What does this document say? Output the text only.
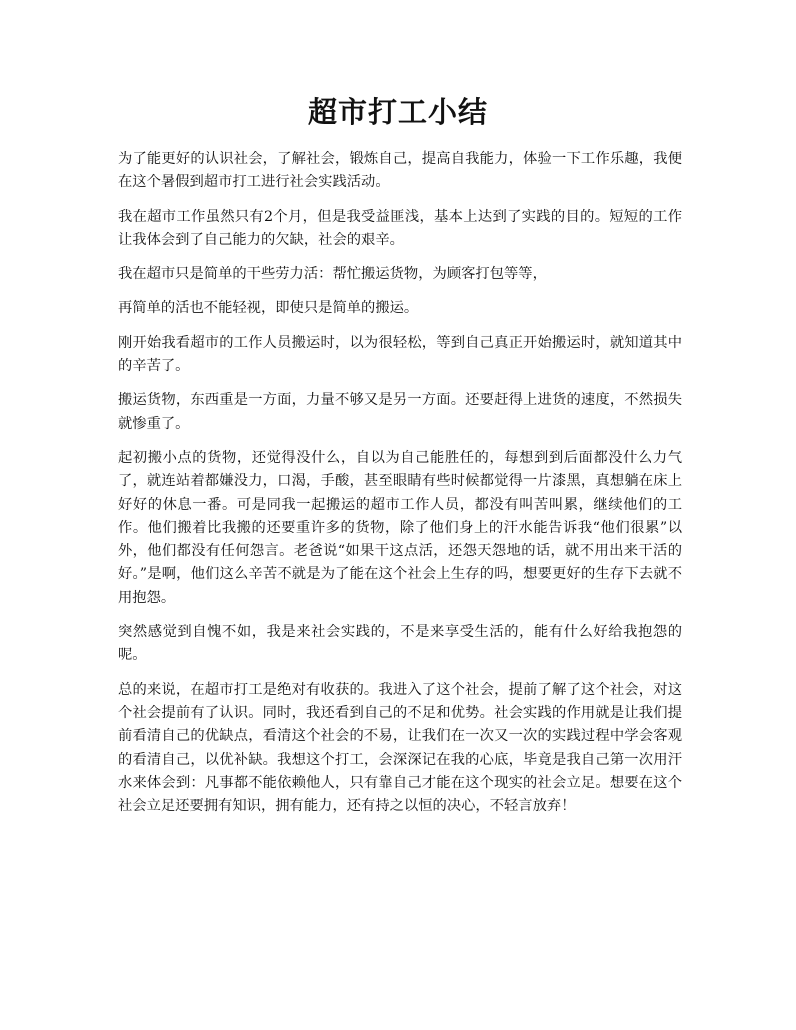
超市打工小结

为了能更好的认识社会，了解社会，锻炼自己，提高自我能力，体验一下工作乐趣，我便在这个暑假到超市打工进行社会实践活动。

我在超市工作虽然只有2个月，但是我受益匪浅，基本上达到了实践的目的。短短的工作让我体会到了自己能力的欠缺，社会的艰辛。

我在超市只是简单的干些劳力活：帮忙搬运货物，为顾客打包等等，

再简单的活也不能轻视，即使只是简单的搬运。

刚开始我看超市的工作人员搬运时，以为很轻松，等到自己真正开始搬运时，就知道其中的辛苦了。

搬运货物，东西重是一方面，力量不够又是另一方面。还要赶得上进货的速度，不然损失就惨重了。

起初搬小点的货物，还觉得没什么，自以为自己能胜任的，每想到到后面都没什么力气了，就连站着都嫌没力，口渴，手酸，甚至眼睛有些时候都觉得一片漆黑，真想躺在床上好好的休息一番。可是同我一起搬运的超市工作人员，都没有叫苦叫累，继续他们的工作。他们搬着比我搬的还要重许多的货物，除了他们身上的汗水能告诉我“他们很累”以外，他们都没有任何怨言。老爸说“如果干这点活，还怨天怨地的话，就不用出来干活的好。”是啊，他们这么辛苦不就是为了能在这个社会上生存的吗，想要更好的生存下去就不用抱怨。

突然感觉到自愧不如，我是来社会实践的，不是来享受生活的，能有什么好给我抱怨的呢。

总的来说，在超市打工是绝对有收获的。我进入了这个社会，提前了解了这个社会，对这个社会提前有了认识。同时，我还看到自己的不足和优势。社会实践的作用就是让我们提前看清自己的优缺点，看清这个社会的不易，让我们在一次又一次的实践过程中学会客观的看清自己，以优补缺。我想这个打工，会深深记在我的心底，毕竟是我自己第一次用汗水来体会到：凡事都不能依赖他人，只有靠自己才能在这个现实的社会立足。想要在这个社会立足还要拥有知识，拥有能力，还有持之以恒的决心，不轻言放弃！
